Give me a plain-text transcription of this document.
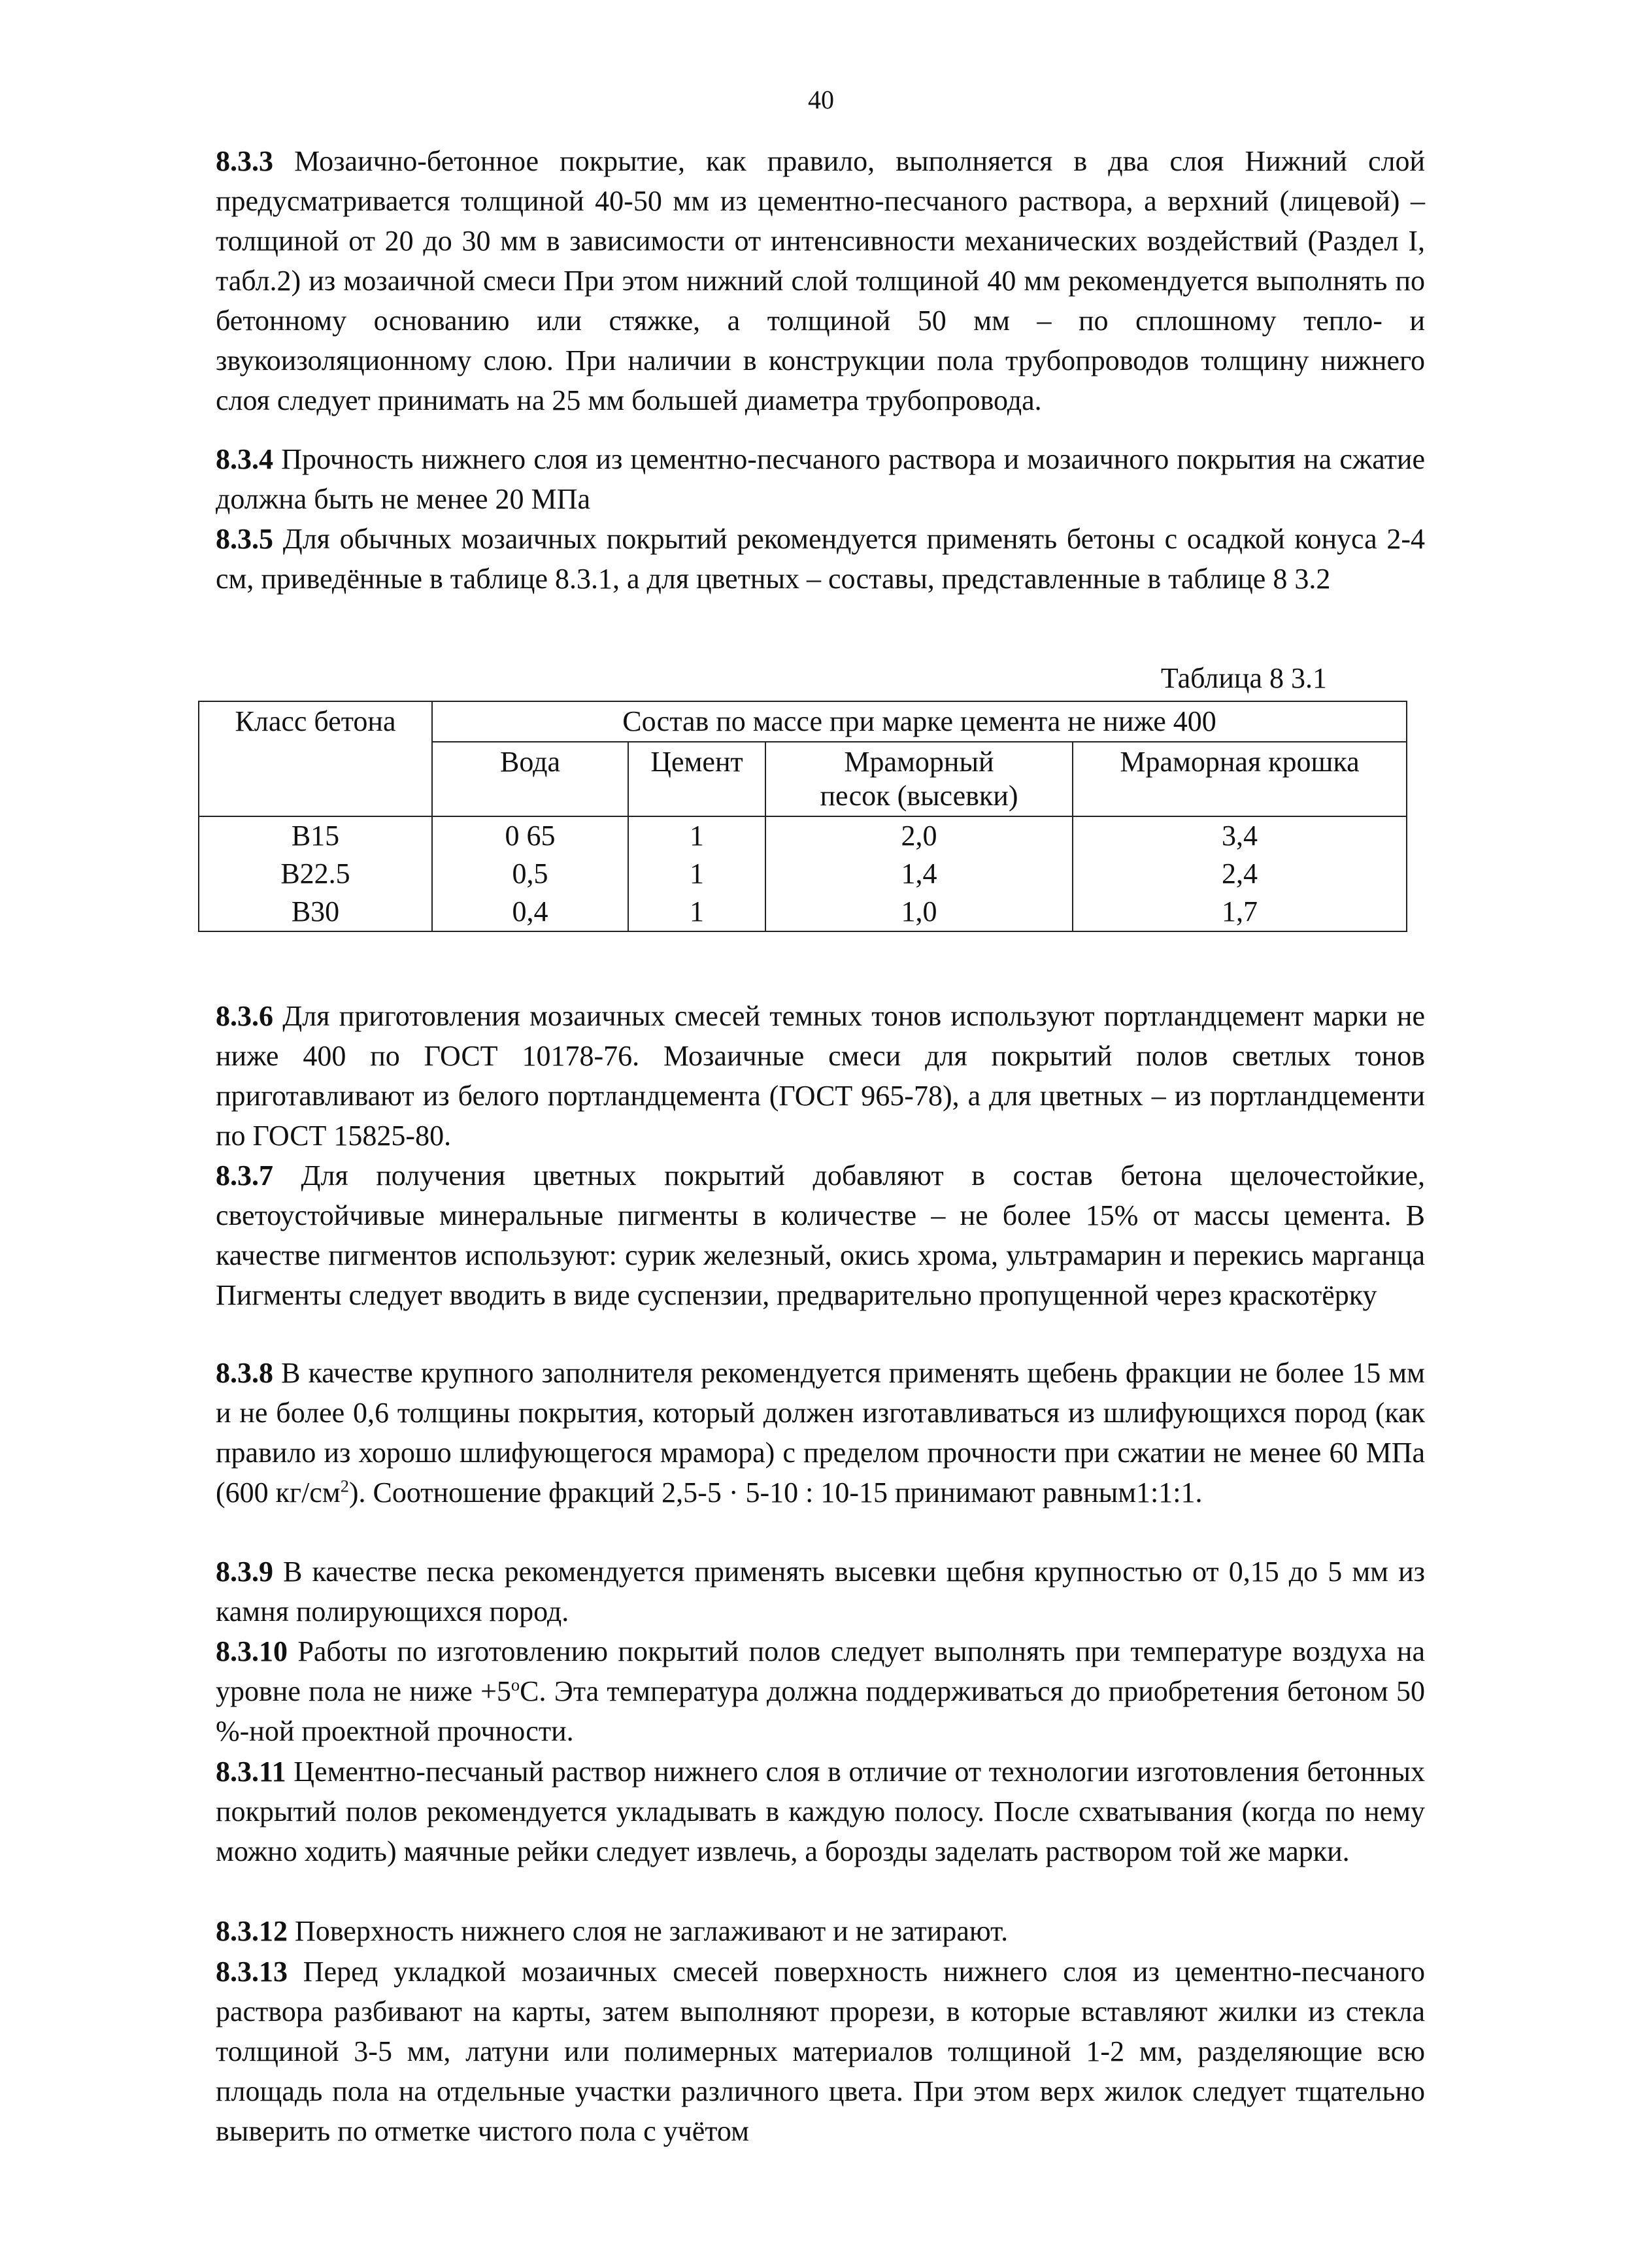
40

8.3.3 Мозаично-бетонное покрытие, как правило, выполняется в два слоя Нижний слой предусматривается толщиной 40-50 мм из цементно-песчаного раствора, а верхний (лицевой) – толщиной от 20 до 30 мм в зависимости от интенсивности механических воздействий (Раздел I, табл.2) из мозаичной смеси При этом нижний слой толщиной 40 мм рекомендуется выполнять по бетонному основанию или стяжке, а толщиной 50 мм – по сплошному тепло- и звукоизоляционному слою. При наличии в конструкции пола трубопроводов толщину нижнего слоя следует принимать на 25 мм большей диаметра трубопровода.

8.3.4 Прочность нижнего слоя из цементно-песчаного раствора и мозаичного покрытия на сжатие должна быть не менее 20 МПа

8.3.5 Для обычных мозаичных покрытий рекомендуется применять бетоны с осадкой конуса 2-4 см, приведённые в таблице 8.3.1, а для цветных – составы, представленные в таблице 8 3.2

Таблица 8 3.1
Класс бетона	Состав по массе при марке цемента не ниже 400			
	Вода	Цемент	Мраморный песок (высевки)	Мраморная крошка
B15	0 65	1	2,0	3,4
B22.5	0,5	1	1,4	2,4
B30	0,4	1	1,0	1,7

8.3.6 Для приготовления мозаичных смесей темных тонов используют портландцемент марки не ниже 400 по ГОСТ 10178-76. Мозаичные смеси для покрытий полов светлых тонов приготавливают из белого портландцемента (ГОСТ 965-78), а для цветных – из портландцементи по ГОСТ 15825-80.

8.3.7 Для получения цветных покрытий добавляют в состав бетона щелочестойкие, светоустойчивые минеральные пигменты в количестве – не более 15% от массы цемента. В качестве пигментов используют: сурик железный, окись хрома, ультрамарин и перекись марганца Пигменты следует вводить в виде суспензии, предварительно пропущенной через краскотёрку

8.3.8 В качестве крупного заполнителя рекомендуется применять щебень фракции не более 15 мм и не более 0,6 толщины покрытия, который должен изготавливаться из шлифующихся пород (как правило из хорошо шлифующегося мрамора) с пределом прочности при сжатии не менее 60 МПа (600 $кг/см^2$). Соотношение фракций 2,5-5 · 5-10 : 10-15 принимают равным1:1:1.

8.3.9 В качестве песка рекомендуется применять высевки щебня крупностью от 0,15 до 5 мм из камня полирующихся пород.

8.3.10 Работы по изготовлению покрытий полов следует выполнять при температуре воздуха на уровне пола не ниже $+5^оС$. Эта температура должна поддерживаться до приобретения бетоном 50 %-ной проектной прочности.

8.3.11 Цементно-песчаный раствор нижнего слоя в отличие от технологии изготовления бетонных покрытий полов рекомендуется укладывать в каждую полосу. После схватывания (когда по нему можно ходить) маячные рейки следует извлечь, а борозды заделать раствором той же марки.

8.3.12 Поверхность нижнего слоя не заглаживают и не затирают.

8.3.13 Перед укладкой мозаичных смесей поверхность нижнего слоя из цементно-песчаного раствора разбивают на карты, затем выполняют прорези, в которые вставляют жилки из стекла толщиной 3-5 мм, латуни или полимерных материалов толщиной 1-2 мм, разделяющие всю площадь пола на отдельные участки различного цвета. При этом верх жилок следует тщательно выверить по отметке чистого пола с учётом
